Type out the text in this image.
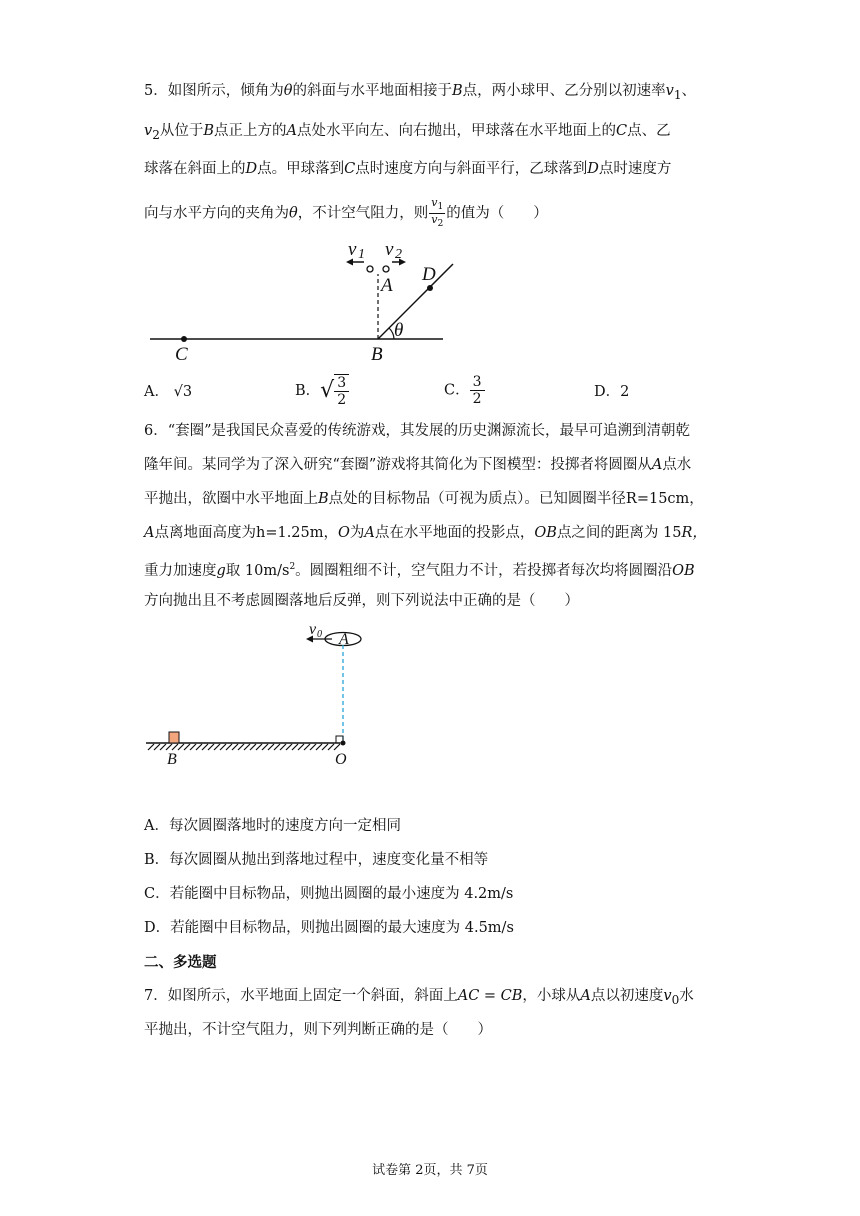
5．如图所示，倾角为θ的斜面与水平地面相接于B点，两小球甲、乙分别以初速率$v_1$、
$v_2$从位于B点正上方的A点处水平向左、向右抛出，甲球落在水平地面上的C点、乙
球落在斜面上的D点。甲球落到C点时速度方向与斜面平行，乙球落到D点时速度方
向与水平方向的夹角为θ，不计空气阻力，则 $\frac{v_1}{v_2}$ 的值为（　　）
v 1 v 2
A
D
θ
C	B
A． √3	B．√ $\frac{3}{2}$	C． $\frac{3}{2}$	D．2
6．“套圈”是我国民众喜爱的传统游戏，其发展的历史渊源流长，最早可追溯到清朝乾
隆年间。某同学为了深入研究“套圈”游戏将其简化为下图模型：投掷者将圆圈从A点水
平抛出，欲圈中水平地面上B点处的目标物品（可视为质点）。已知圆圈半径R=15cm，
A点离地面高度为h=1.25m，O为A点在水平地面的投影点，OB点之间的距离为 15R，
重力加速度g取 $10m/s^2$。圆圈粗细不计，空气阻力不计，若投掷者每次均将圆圈沿OB
方向抛出且不考虑圆圈落地后反弹，则下列说法中正确的是（　　）
v 0 A
B	O
A．每次圆圈落地时的速度方向一定相同
B．每次圆圈从抛出到落地过程中，速度变化量不相等
C．若能圈中目标物品，则抛出圆圈的最小速度为 4.2m/s
D．若能圈中目标物品，则抛出圆圈的最大速度为 4.5m/s
二、多选题
7．如图所示，水平地面上固定一个斜面，斜面上AC = CB，小球从A点以初速度$v_0$水
平抛出，不计空气阻力，则下列判断正确的是（　　）
试卷第 2页，共 7页
